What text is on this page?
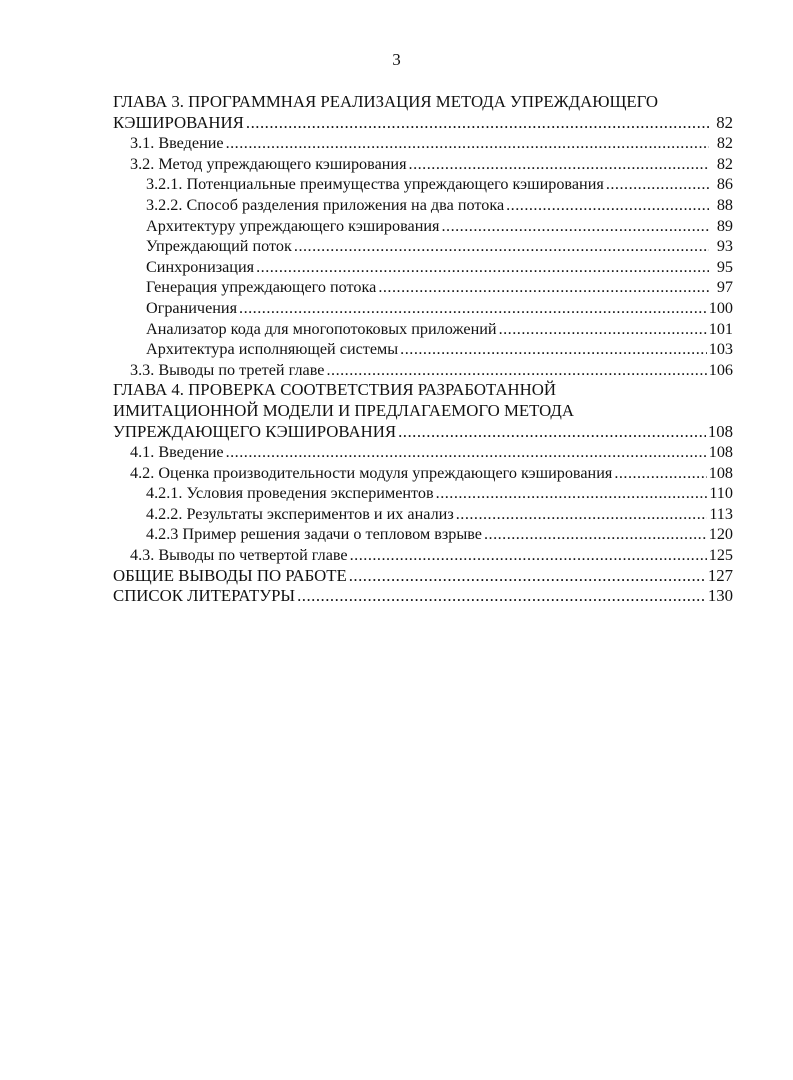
3
ГЛАВА 3. ПРОГРАММНАЯ РЕАЛИЗАЦИЯ МЕТОДА УПРЕЖДАЮЩЕГО
КЭШИРОВАНИЯ .....	82
3.1. Введение .....	82
3.2. Метод упреждающего кэширования .....	82
3.2.1. Потенциальные преимущества упреждающего кэширования .....	86
3.2.2. Способ разделения приложения на два потока .....	88
Архитектуру упреждающего кэширования .....	89
Упреждающий поток .....	93
Синхронизация .....	95
Генерация упреждающего потока .....	97
Ограничения .....	100
Анализатор кода для многопотоковых приложений .....	101
Архитектура исполняющей системы .....	103
3.3. Выводы по третей главе .....	106
ГЛАВА 4. ПРОВЕРКА СООТВЕТСТВИЯ РАЗРАБОТАННОЙ
ИМИТАЦИОННОЙ МОДЕЛИ И ПРЕДЛАГАЕМОГО МЕТОДА
УПРЕЖДАЮЩЕГО КЭШИРОВАНИЯ .....	108
4.1. Введение .....	108
4.2. Оценка производительности модуля упреждающего кэширования .....	108
4.2.1. Условия проведения экспериментов .....	110
4.2.2. Результаты экспериментов и их анализ .....	113
4.2.3 Пример решения задачи о тепловом взрыве .....	120
4.3. Выводы по четвертой главе .....	125
ОБЩИЕ ВЫВОДЫ ПО РАБОТЕ .....	127
СПИСОК ЛИТЕРАТУРЫ .....	130
